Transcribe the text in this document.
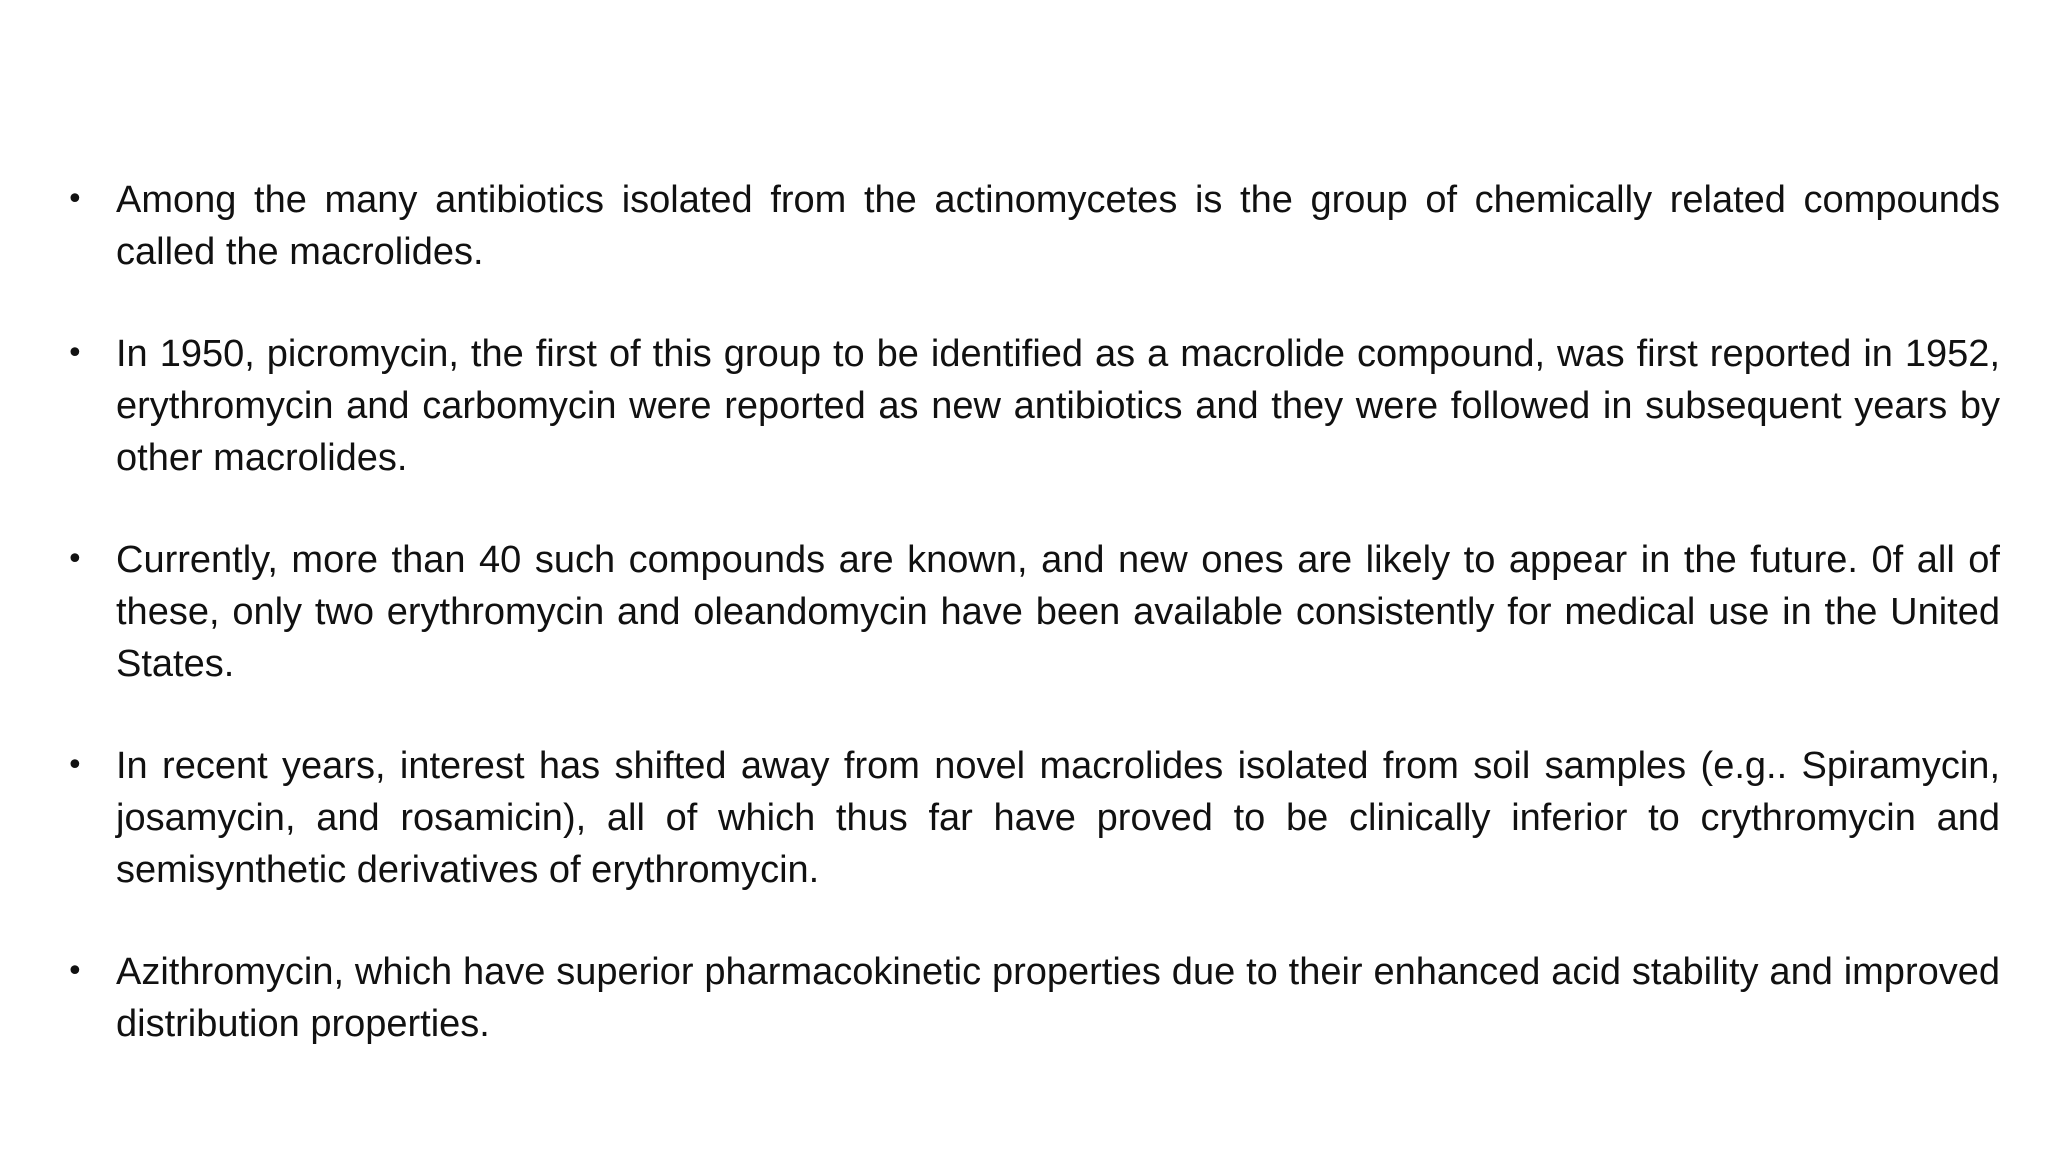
• Among the many antibiotics isolated from the actinomycetes is the group of chemically related compounds called the macrolides.
• In 1950, picromycin, the first of this group to be identified as a macrolide compound, was first reported in 1952, erythromycin and carbomycin were reported as new antibiotics and they were followed in subsequent years by other macrolides.
• Currently, more than 40 such compounds are known, and new ones are likely to appear in the future. 0f all of these, only two erythromycin and oleandomycin have been available consistently for medical use in the United States.
• In recent years, interest has shifted away from novel macrolides isolated from soil samples (e.g.. Spiramycin, josamycin, and rosamicin), all of which thus far have proved to be clinically inferior to crythromycin and semisynthetic derivatives of erythromycin.
• Azithromycin, which have superior pharmacokinetic properties due to their enhanced acid stability and improved distribution properties.
